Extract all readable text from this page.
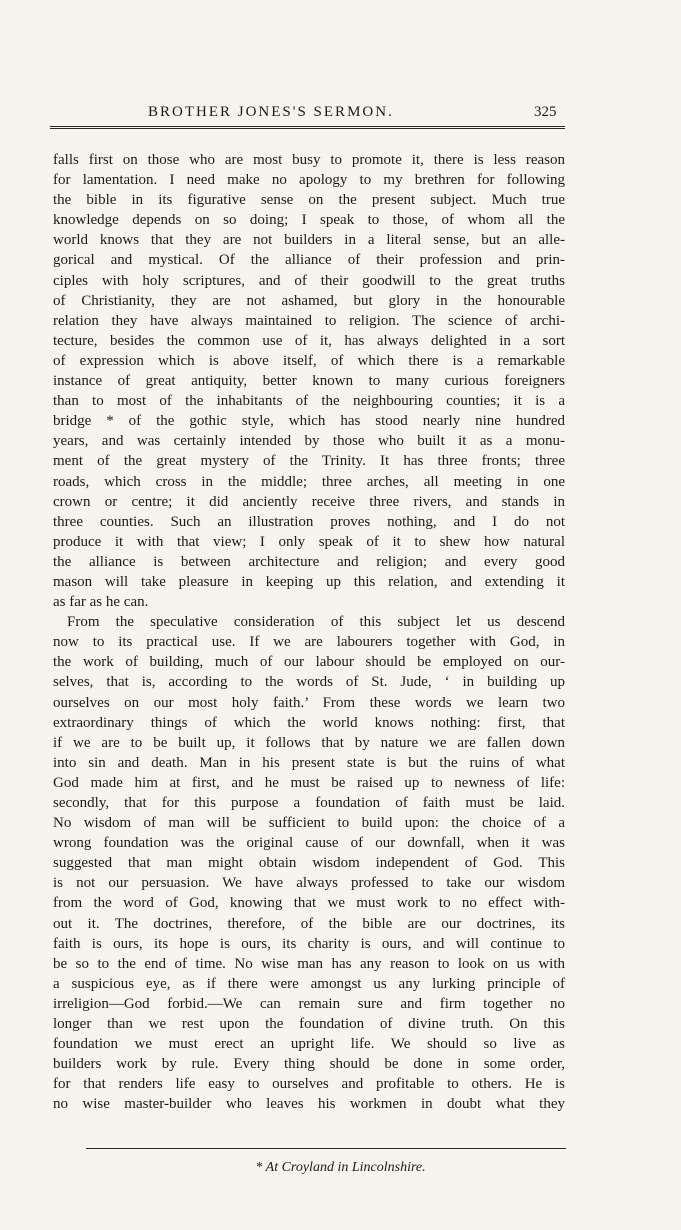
BROTHER JONES'S SERMON.	325
falls first on those who are most busy to promote it, there is less reason
for lamentation. I need make no apology to my brethren for following
the bible in its figurative sense on the present subject. Much true
knowledge depends on so doing; I speak to those, of whom all the
world knows that they are not builders in a literal sense, but an alle-
gorical and mystical. Of the alliance of their profession and prin-
ciples with holy scriptures, and of their goodwill to the great truths
of Christianity, they are not ashamed, but glory in the honourable
relation they have always maintained to religion. The science of archi-
tecture, besides the common use of it, has always delighted in a sort
of expression which is above itself, of which there is a remarkable
instance of great antiquity, better known to many curious foreigners
than to most of the inhabitants of the neighbouring counties; it is a
bridge * of the gothic style, which has stood nearly nine hundred
years, and was certainly intended by those who built it as a monu-
ment of the great mystery of the Trinity. It has three fronts; three
roads, which cross in the middle; three arches, all meeting in one
crown or centre; it did anciently receive three rivers, and stands in
three counties. Such an illustration proves nothing, and I do not
produce it with that view; I only speak of it to shew how natural
the alliance is between architecture and religion; and every good
mason will take pleasure in keeping up this relation, and extending it
as far as he can.
From the speculative consideration of this subject let us descend
now to its practical use. If we are labourers together with God, in
the work of building, much of our labour should be employed on our-
selves, that is, according to the words of St. Jude, ‘ in building up
ourselves on our most holy faith.’ From these words we learn two
extraordinary things of which the world knows nothing: first, that
if we are to be built up, it follows that by nature we are fallen down
into sin and death. Man in his present state is but the ruins of what
God made him at first, and he must be raised up to newness of life:
secondly, that for this purpose a foundation of faith must be laid.
No wisdom of man will be sufficient to build upon: the choice of a
wrong foundation was the original cause of our downfall, when it was
suggested that man might obtain wisdom independent of God. This
is not our persuasion. We have always professed to take our wisdom
from the word of God, knowing that we must work to no effect with-
out it. The doctrines, therefore, of the bible are our doctrines, its
faith is ours, its hope is ours, its charity is ours, and will continue to
be so to the end of time. No wise man has any reason to look on us with
a suspicious eye, as if there were amongst us any lurking principle of
irreligion—God forbid.—We can remain sure and firm together no
longer than we rest upon the foundation of divine truth. On this
foundation we must erect an upright life. We should so live as
builders work by rule. Every thing should be done in some order,
for that renders life easy to ourselves and profitable to others. He is
no wise master-builder who leaves his workmen in doubt what they
* At Croyland in Lincolnshire.
